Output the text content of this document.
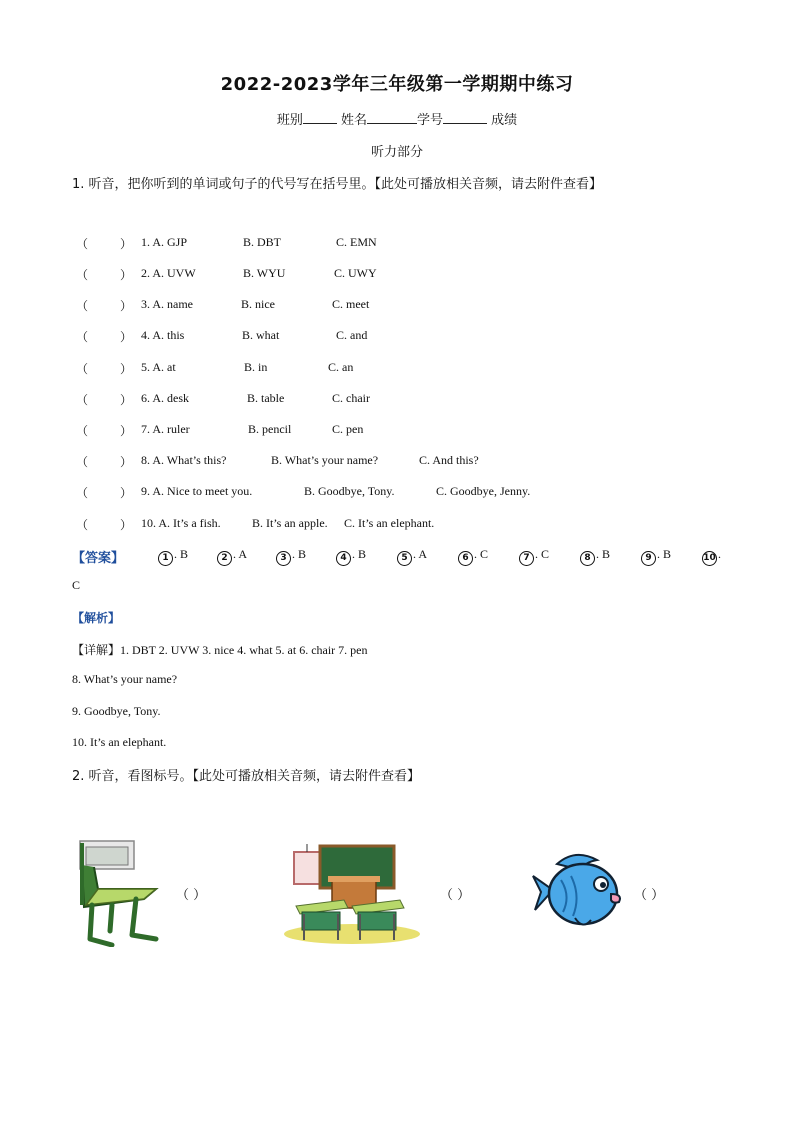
2022-2023学年三年级第一学期期中练习
班别	姓名	学号	成绩
听力部分
1. 听音，把你听到的单词或句子的代号写在括号里。【此处可播放相关音频，请去附件查看】
（	） 1. A. GJP	B. DBT	C. EMN
（	） 2. A. UVW	B. WYU	C. UWY
（	） 3. A. name	B. nice	C. meet
（	） 4. A. this	B. what	C. and
（	） 5. A. at	B. in	C. an
（	） 6. A. desk	B. table	C. chair
（	） 7. A. ruler	B. pencil	C. pen
（	） 8. A. What’s this?	B. What’s your name?	C. And this?
（	） 9. A. Nice to meet you.	B. Goodbye, Tony.	C. Goodbye, Jenny.
（	） 10. A. It’s a fish.	B. It’s an apple. C. It’s an elephant.
【答案】	1 . B	2 . A	3 . B	4 . B	5 . A	6 . C	7 . C	8 . B	9 . B	10 .
C
【解析】
【详解】1. DBT 2. UVW 3. nice 4. what 5. at 6. chair 7. pen
8. What’s your name?
9. Goodbye, Tony.
10. It’s an elephant.
2. 听音，看图标号。【此处可播放相关音频，请去附件查看】
（ ）	（ ）	（ ）
